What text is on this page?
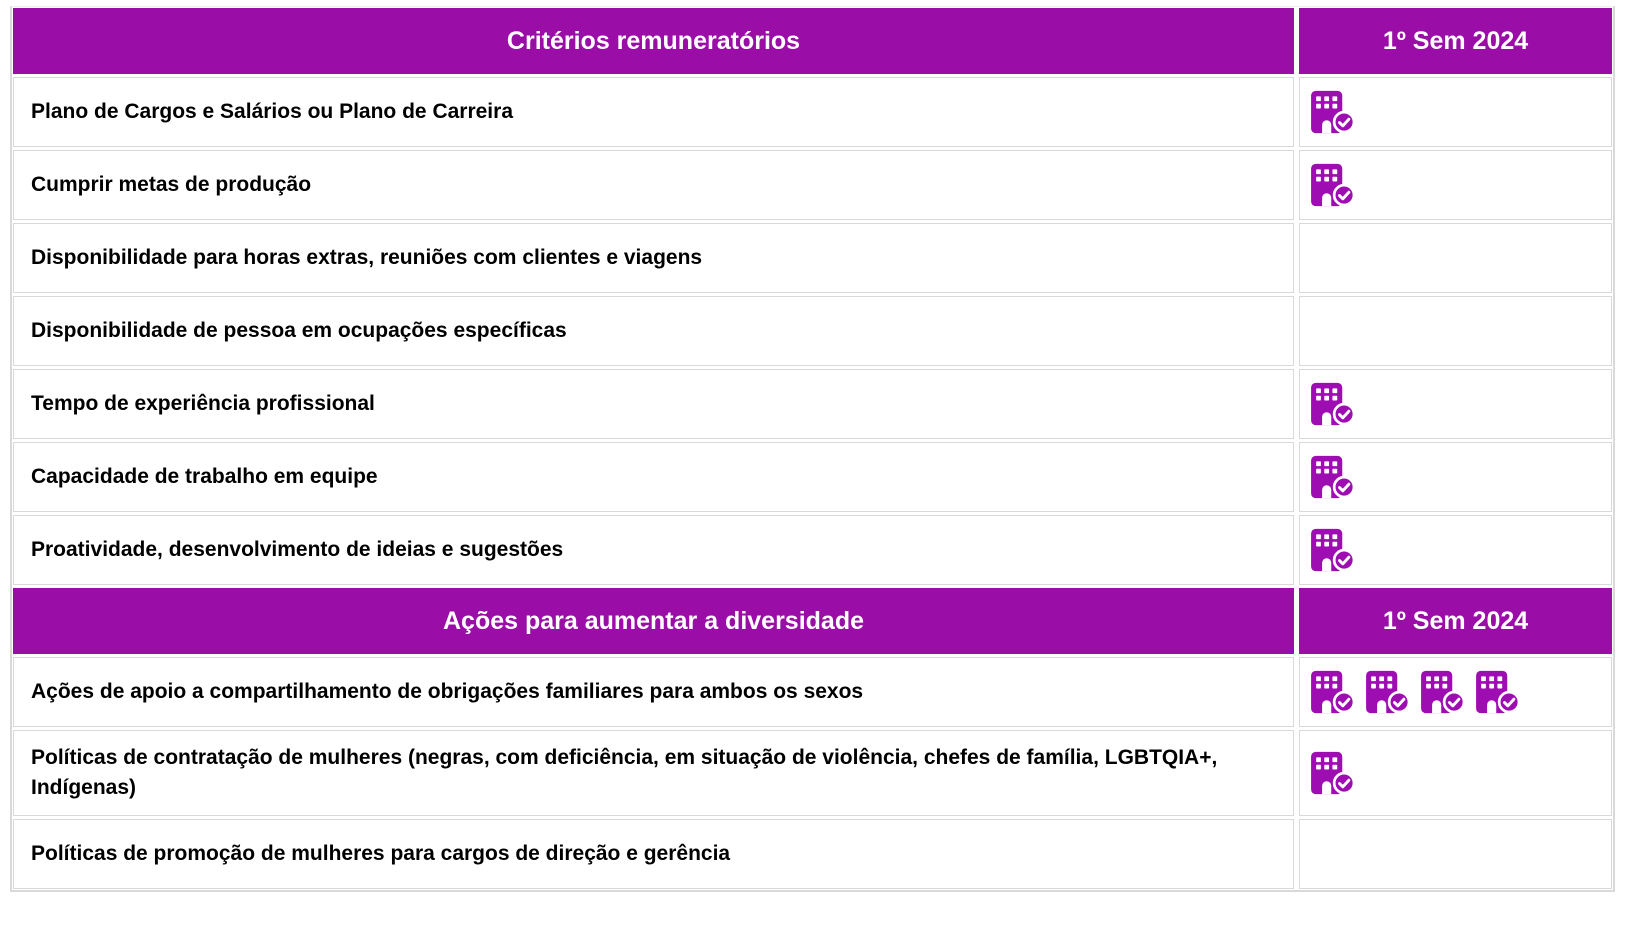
Critérios remuneratórios	1º Sem 2024
Plano de Cargos e Salários ou Plano de Carreira
Cumprir metas de produção
Disponibilidade para horas extras, reuniões com clientes e viagens
Disponibilidade de pessoa em ocupações específicas
Tempo de experiência profissional
Capacidade de trabalho em equipe
Proatividade, desenvolvimento de ideias e sugestões
Ações para aumentar a diversidade	1º Sem 2024
Ações de apoio a compartilhamento de obrigações familiares para ambos os sexos
Políticas de contratação de mulheres (negras, com deficiência, em situação de violência, chefes de família, LGBTQIA+, Indígenas)
Políticas de promoção de mulheres para cargos de direção e gerência
